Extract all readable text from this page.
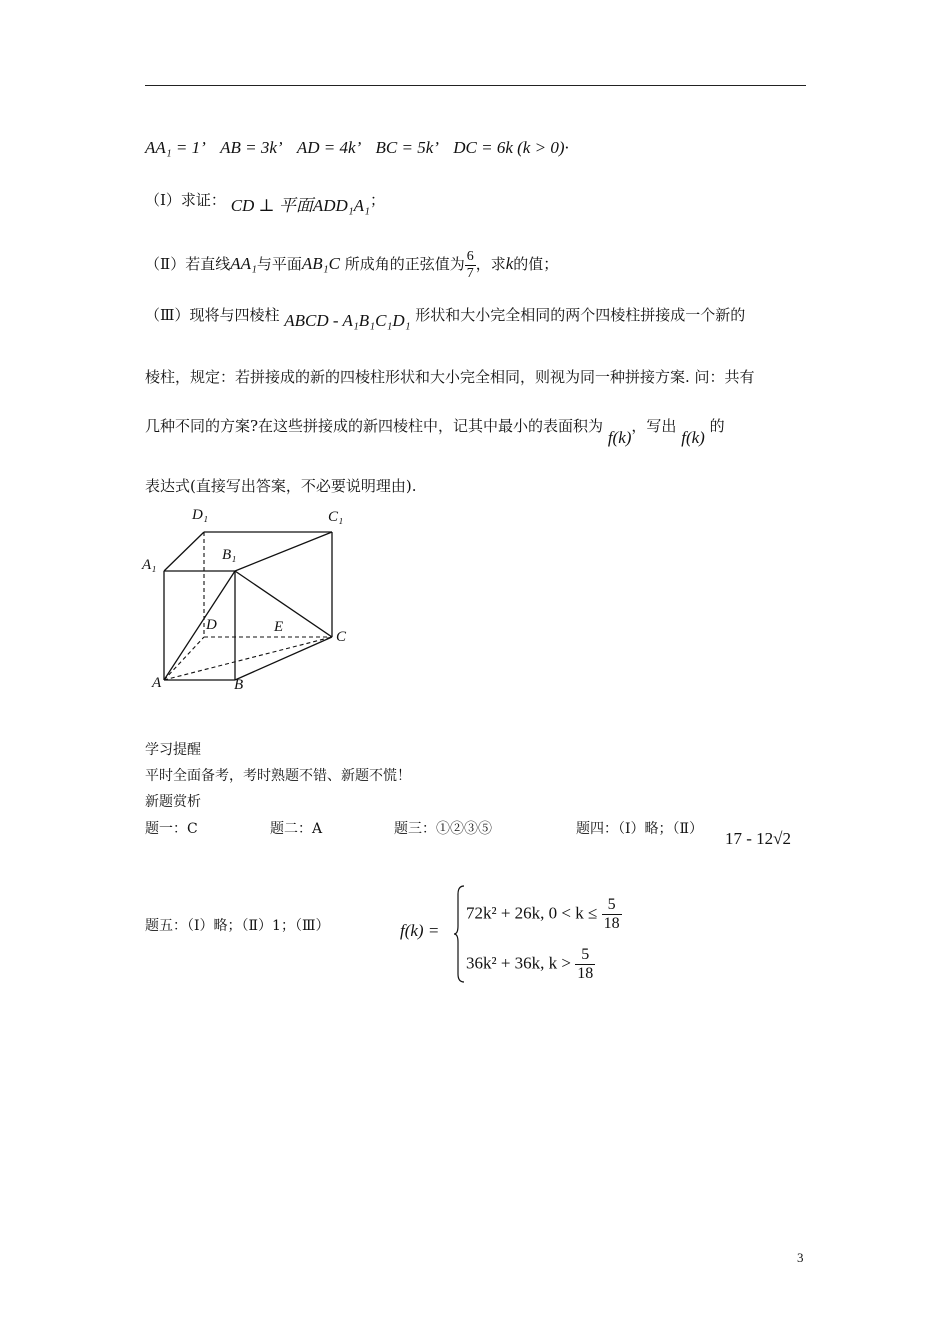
AA₁ = 1’ AB = 3k’ AD = 4k’ BC = 5k’ DC = 6k (k > 0)·
（Ⅰ）求证： CD ⊥ 平面ADD₁A₁；
（Ⅱ）若直线AA₁与平面AB₁C 所成角的正弦值为 $\frac{6}{7}$ ，求k的值；
（Ⅲ）现将与四棱柱 ABCD - A₁B₁C₁D₁ 形状和大小完全相同的两个四棱柱拼接成一个新的
棱柱，规定：若拼接成的新的四棱柱形状和大小完全相同，则视为同一种拼接方案. 问：共有
几种不同的方案?在这些拼接成的新四棱柱中，记其中最小的表面积为 f(k)，写出 f(k) 的
表达式(直接写出答案，不必要说明理由).
D₁	C₁
B₁
A₁
D	E
C
A	B
学习提醒
平时全面备考，考时熟题不错、新题不慌！
新题赏析
题一：C	题二：A	题三：①②③⑤	题四：（Ⅰ）略；（Ⅱ） 17 - 12√2
题五：（Ⅰ）略；（Ⅱ）1；（Ⅲ）	f(k) =
72k² + 26k, $0 < k \le \frac{5}{18}$
36k² + 36k, $k > \frac{5}{18}$
3
